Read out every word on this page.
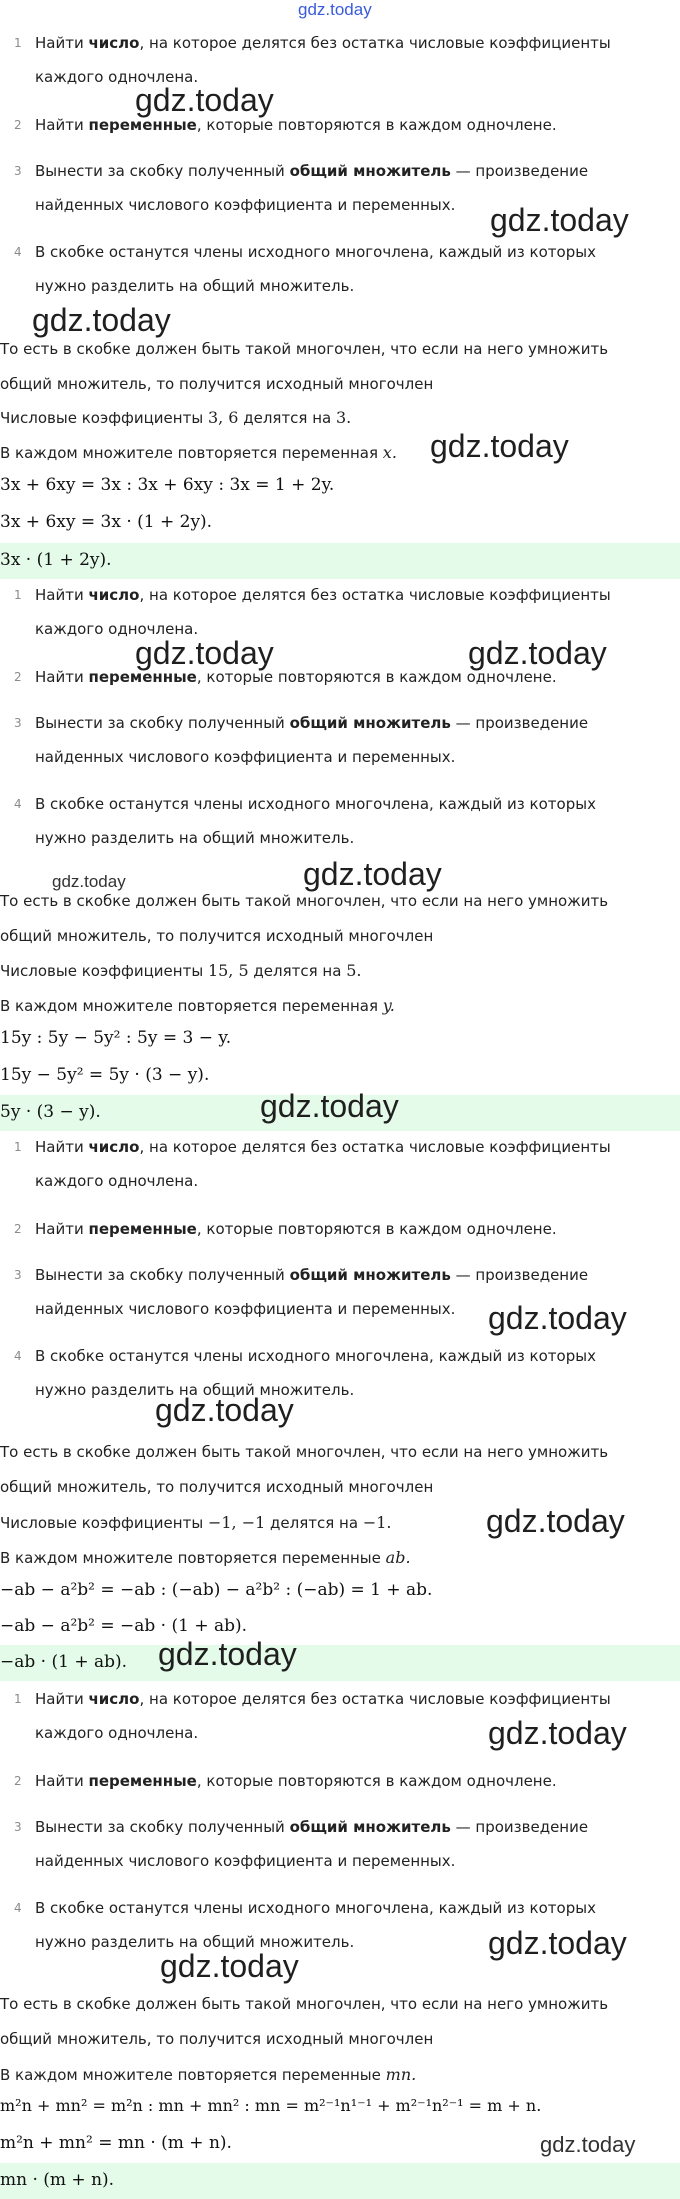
gdz.today
1 Найти число, на которое делятся без остатка числовые коэффициенты
каждого одночлена.
2 Найти переменные, которые повторяются в каждом одночлене.
3 Вынести за скобку полученный общий множитель — произведение
найденных числового коэффициента и переменных.
4 В скобке останутся члены исходного многочлена, каждый из которых
нужно разделить на общий множитель.
То есть в скобке должен быть такой многочлен, что если на него умножить
общий множитель, то получится исходный многочлен
Числовые коэффициенты 3, 6 делятся на 3.
В каждом множителе повторяется переменная x.
3x + 6xy = 3x : 3x + 6xy : 3x = 1 + 2y.
3x + 6xy = 3x · (1 + 2y).
3x · (1 + 2y).
1 Найти число, на которое делятся без остатка числовые коэффициенты
каждого одночлена.
2 Найти переменные, которые повторяются в каждом одночлене.
3 Вынести за скобку полученный общий множитель — произведение
найденных числового коэффициента и переменных.
4 В скобке останутся члены исходного многочлена, каждый из которых
нужно разделить на общий множитель.
То есть в скобке должен быть такой многочлен, что если на него умножить
общий множитель, то получится исходный многочлен
Числовые коэффициенты 15, 5 делятся на 5.
В каждом множителе повторяется переменная y.
15y : 5y − 5y² : 5y = 3 − y.
15y − 5y² = 5y · (3 − y).
5y · (3 − y).
1 Найти число, на которое делятся без остатка числовые коэффициенты
каждого одночлена.
2 Найти переменные, которые повторяются в каждом одночлене.
3 Вынести за скобку полученный общий множитель — произведение
найденных числового коэффициента и переменных.
4 В скобке останутся члены исходного многочлена, каждый из которых
нужно разделить на общий множитель.
То есть в скобке должен быть такой многочлен, что если на него умножить
общий множитель, то получится исходный многочлен
Числовые коэффициенты −1, −1 делятся на −1.
В каждом множителе повторяется переменные ab.
−ab − a²b² = −ab : (−ab) − a²b² : (−ab) = 1 + ab.
−ab − a²b² = −ab · (1 + ab).
−ab · (1 + ab).
1 Найти число, на которое делятся без остатка числовые коэффициенты
каждого одночлена.
2 Найти переменные, которые повторяются в каждом одночлене.
3 Вынести за скобку полученный общий множитель — произведение
найденных числового коэффициента и переменных.
4 В скобке останутся члены исходного многочлена, каждый из которых
нужно разделить на общий множитель.
То есть в скобке должен быть такой многочлен, что если на него умножить
общий множитель, то получится исходный многочлен
В каждом множителе повторяется переменные mn.
m²n + mn² = m²n : mn + mn² : mn = m²⁻¹n¹⁻¹ + m²⁻¹n²⁻¹ = m + n.
m²n + mn² = mn · (m + n).
mn · (m + n).
gdz.today
gdz.today
gdz.today
gdz.today
gdz.today	gdz.today
gdz.today	gdz.today
gdz.today
gdz.today
gdz.today
gdz.today
gdz.today
gdz.today
gdz.today
gdz.today
gdz.today
